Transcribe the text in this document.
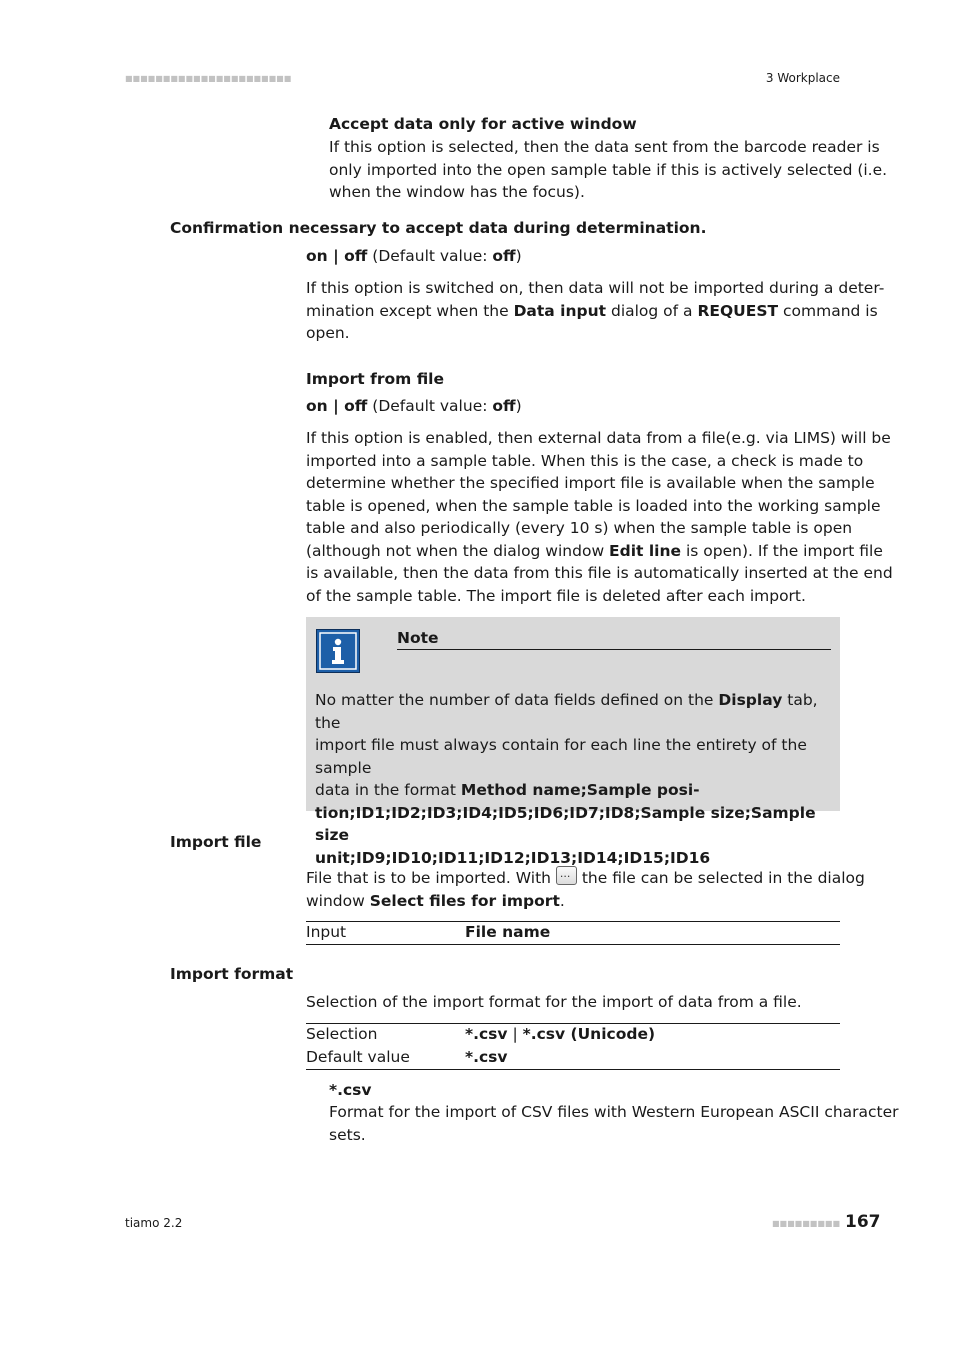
■■■■■■■■■■■■■■■■■■■■■■	3 Workplace
Accept data only for active window
If this option is selected, then the data sent from the barcode reader is
only imported into the open sample table if this is actively selected (i.e.
when the window has the focus).
Confirmation necessary to accept data during determination.
on | off (Default value: off)
If this option is switched on, then data will not be imported during a deter-
mination except when the Data input dialog of a REQUEST command is
open.
Import from file
on | off (Default value: off)
If this option is enabled, then external data from a file(e.g. via LIMS) will be
imported into a sample table. When this is the case, a check is made to
determine whether the specified import file is available when the sample
table is opened, when the sample table is loaded into the working sample
table and also periodically (every 10 s) when the sample table is open
(although not when the dialog window Edit line is open). If the import file
is available, then the data from this file is automatically inserted at the end
of the sample table. The import file is deleted after each import.
Note
No matter the number of data fields defined on the Display tab, the
import file must always contain for each line the entirety of the sample
data in the format Method name;Sample posi-
tion;ID1;ID2;ID3;ID4;ID5;ID6;ID7;ID8;Sample size;Sample size
unit;ID9;ID10;ID11;ID12;ID13;ID14;ID15;ID16
Import file
File that is to be imported. With ... the file can be selected in the dialog
window Select files for import.
Input	File name
Import format
Selection of the import format for the import of data from a file.
Selection	*.csv | *.csv (Unicode)
Default value	*.csv
*.csv
Format for the import of CSV files with Western European ASCII character
sets.
tiamo 2.2	■■■■■■■■■ 167
